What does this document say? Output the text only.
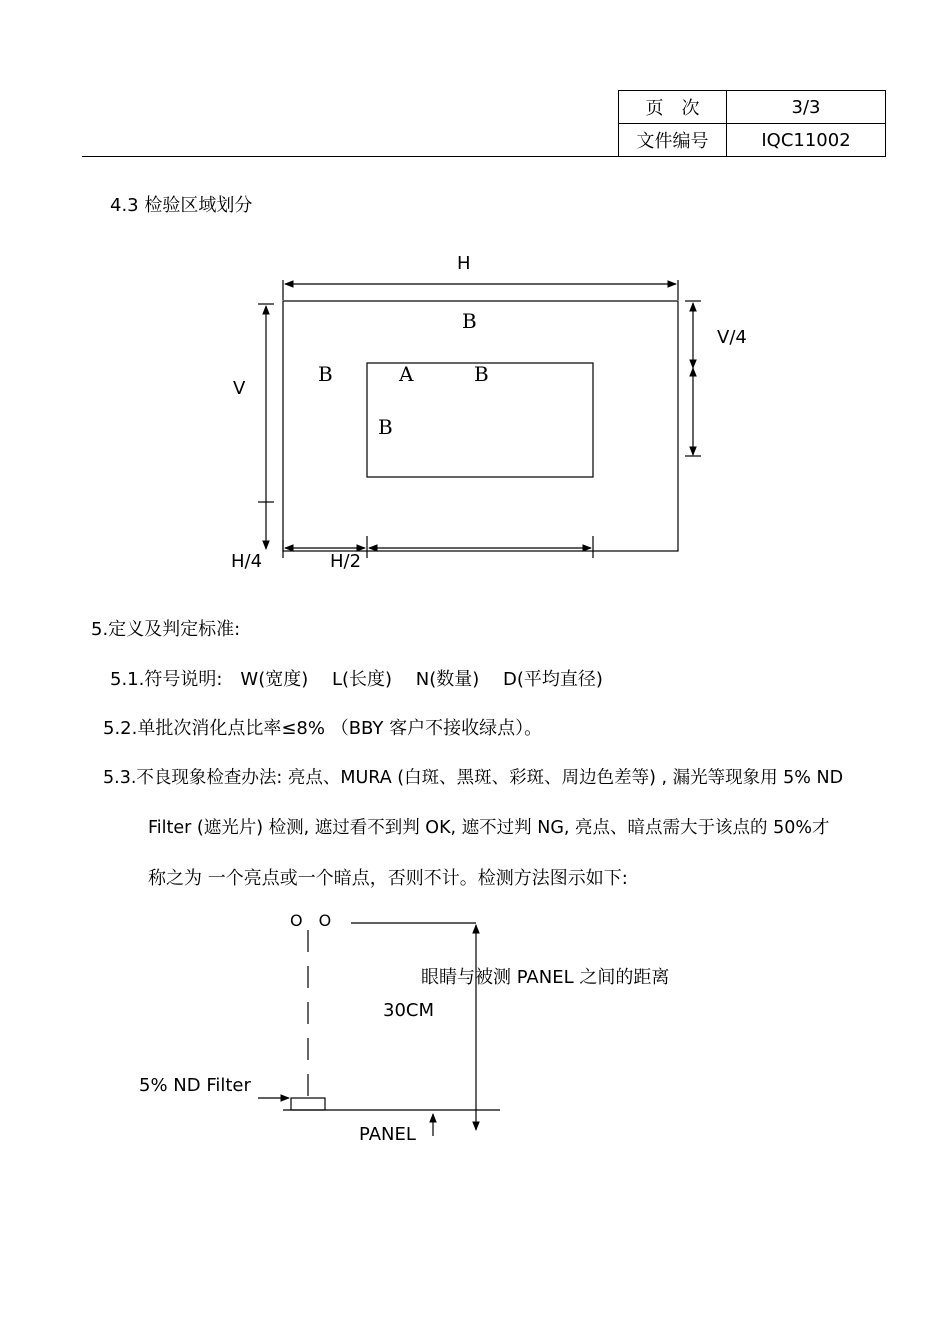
页　次	3/3
文件编号	IQC11002
4.3 检验区域划分
H
V
V/4
H/4	H/2
B
B	A	B
B
5.定义及判定标准:
5.1.符号说明:　W(宽度)　 L(长度)　 N(数量)　 D(平均直径)
5.2.单批次消化点比率≤8% （BBY 客户不接收绿点）。
5.3.不良现象检查办法: 亮点、MURA (白斑、黑斑、彩斑、周边色差等) , 漏光等现象用 5% ND
Filter (遮光片) 检测, 遮过看不到判 OK, 遮不过判 NG, 亮点、暗点需大于该点的 50%才
称之为 一个亮点或一个暗点，否则不计。检测方法图示如下:
O　O
眼睛与被测 PANEL 之间的距离
30CM
5% ND Filter
PANEL
